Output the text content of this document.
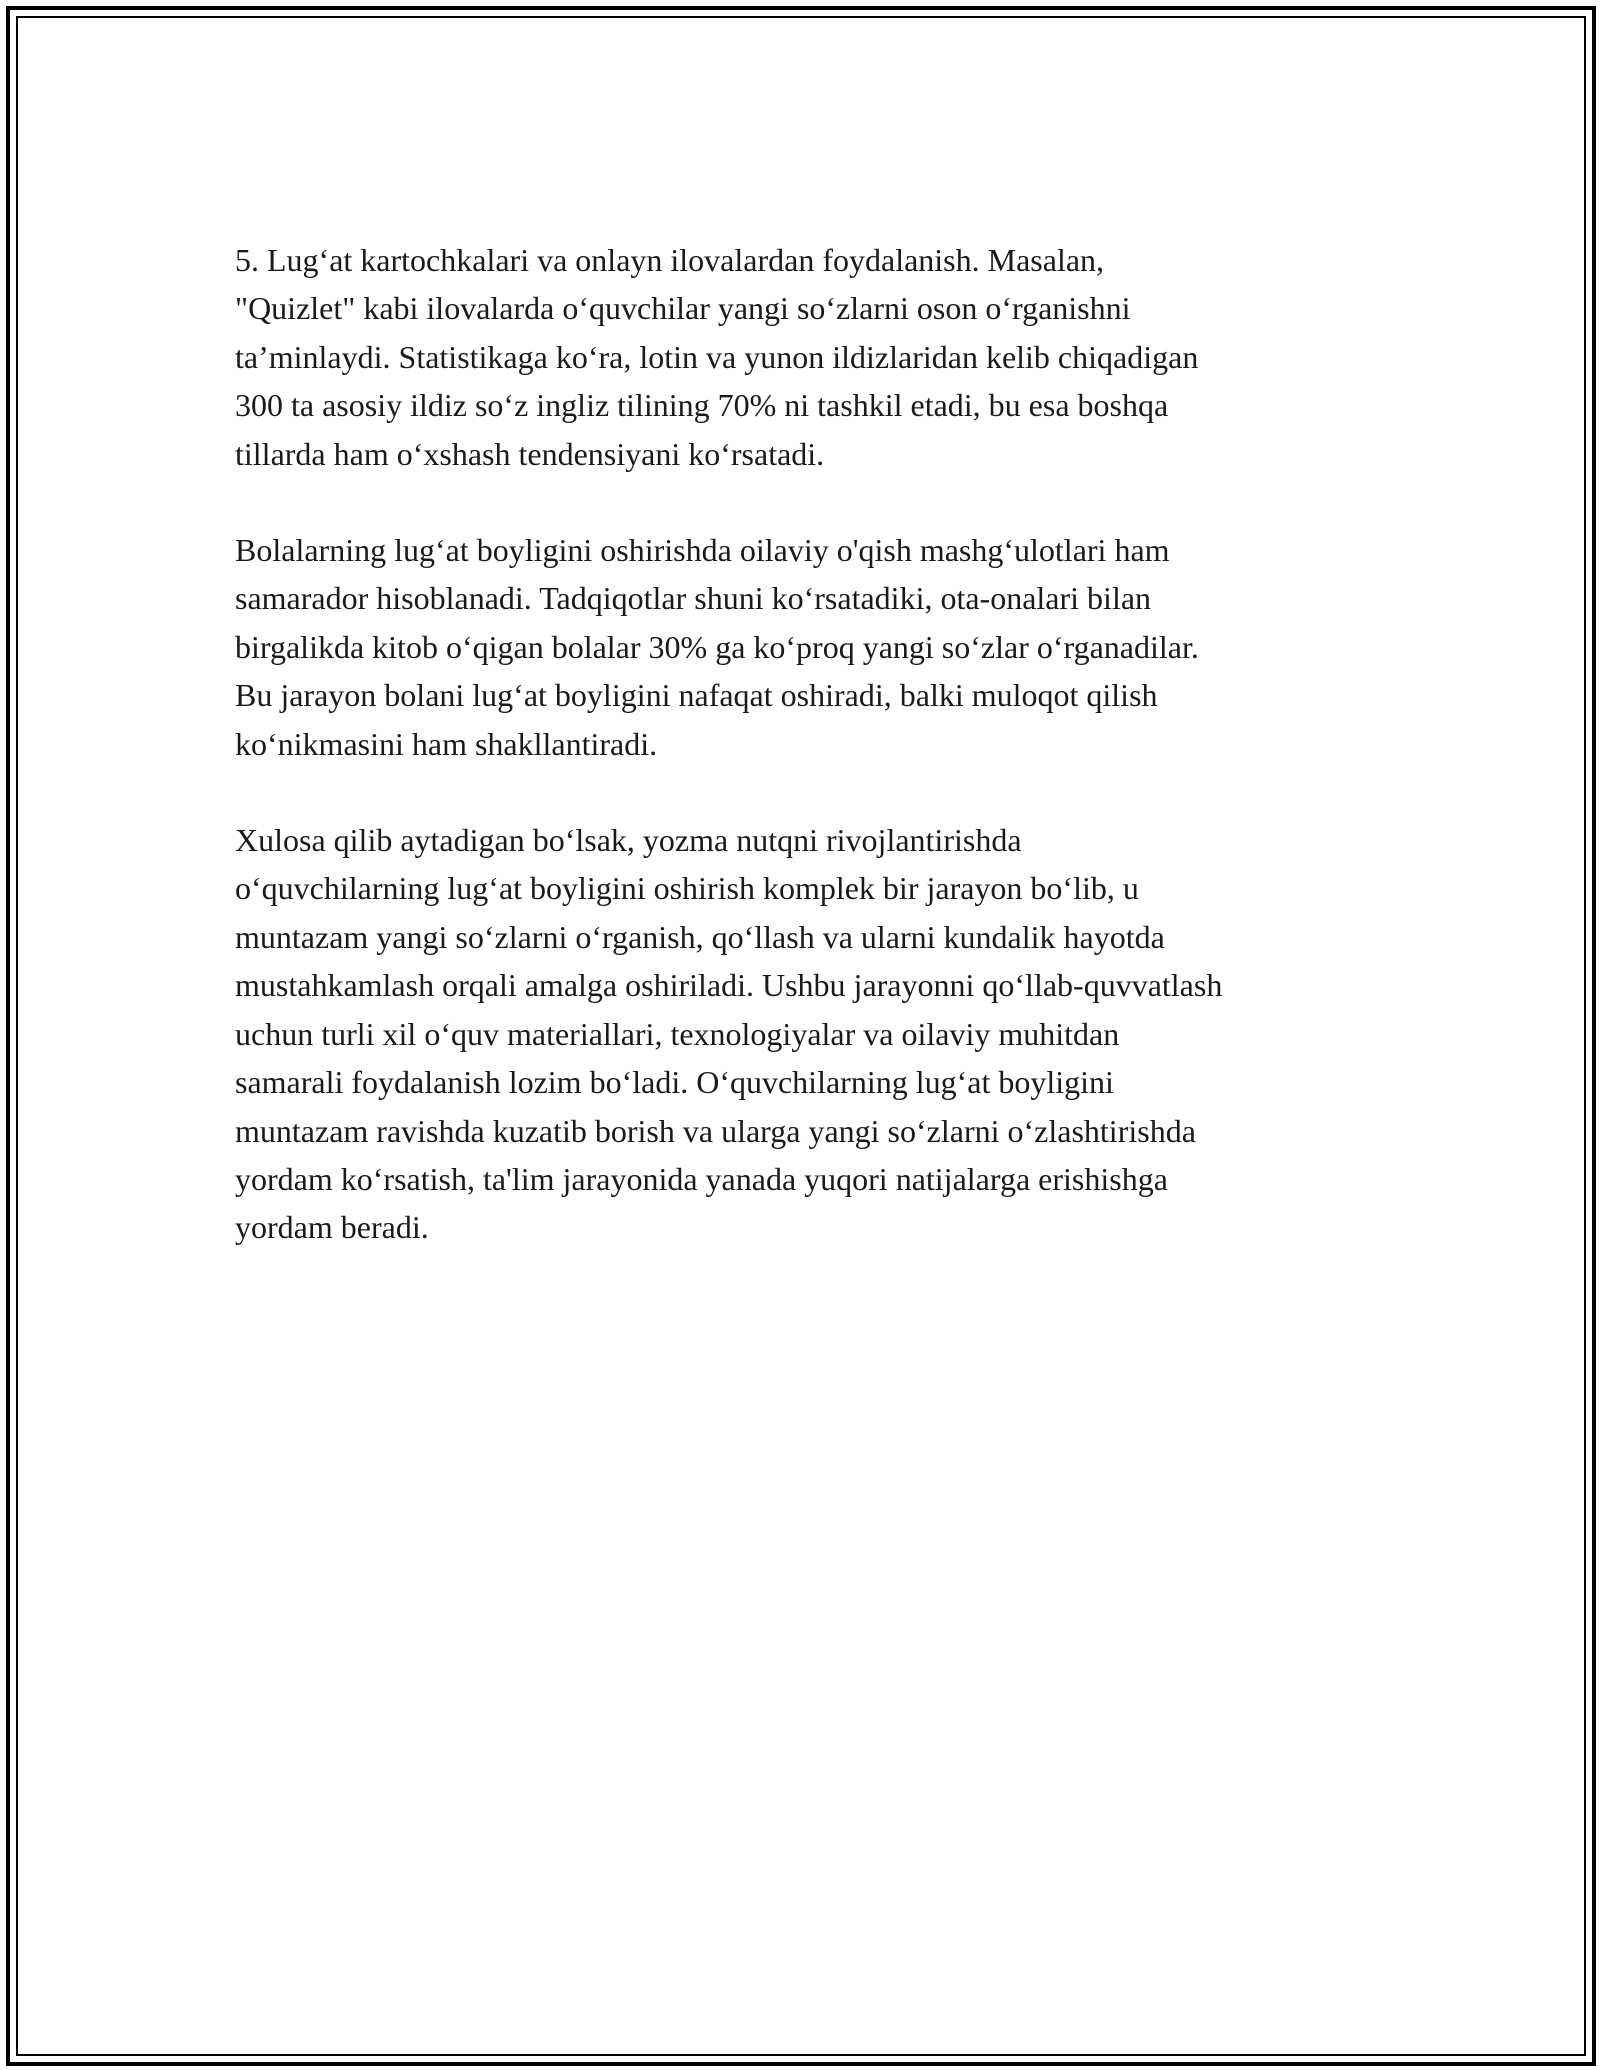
5. Lug‘at kartochkalari va onlayn ilovalardan foydalanish. Masalan,
"Quizlet" kabi ilovalarda o‘quvchilar yangi so‘zlarni oson o‘rganishni
ta’minlaydi. Statistikaga ko‘ra, lotin va yunon ildizlaridan kelib chiqadigan
300 ta asosiy ildiz so‘z ingliz tilining 70% ni tashkil etadi, bu esa boshqa
tillarda ham o‘xshash tendensiyani ko‘rsatadi.

Bolalarning lug‘at boyligini oshirishda oilaviy o'qish mashg‘ulotlari ham
samarador hisoblanadi. Tadqiqotlar shuni ko‘rsatadiki, ota-onalari bilan
birgalikda kitob o‘qigan bolalar 30% ga ko‘proq yangi so‘zlar o‘rganadilar.
Bu jarayon bolani lug‘at boyligini nafaqat oshiradi, balki muloqot qilish
ko‘nikmasini ham shakllantiradi.

Xulosa qilib aytadigan bo‘lsak, yozma nutqni rivojlantirishda
o‘quvchilarning lug‘at boyligini oshirish komplek bir jarayon bo‘lib, u
muntazam yangi so‘zlarni o‘rganish, qo‘llash va ularni kundalik hayotda
mustahkamlash orqali amalga oshiriladi. Ushbu jarayonni qo‘llab-quvvatlash
uchun turli xil o‘quv materiallari, texnologiyalar va oilaviy muhitdan
samarali foydalanish lozim bo‘ladi. O‘quvchilarning lug‘at boyligini
muntazam ravishda kuzatib borish va ularga yangi so‘zlarni o‘zlashtirishda
yordam ko‘rsatish, ta'lim jarayonida yanada yuqori natijalarga erishishga
yordam beradi.
